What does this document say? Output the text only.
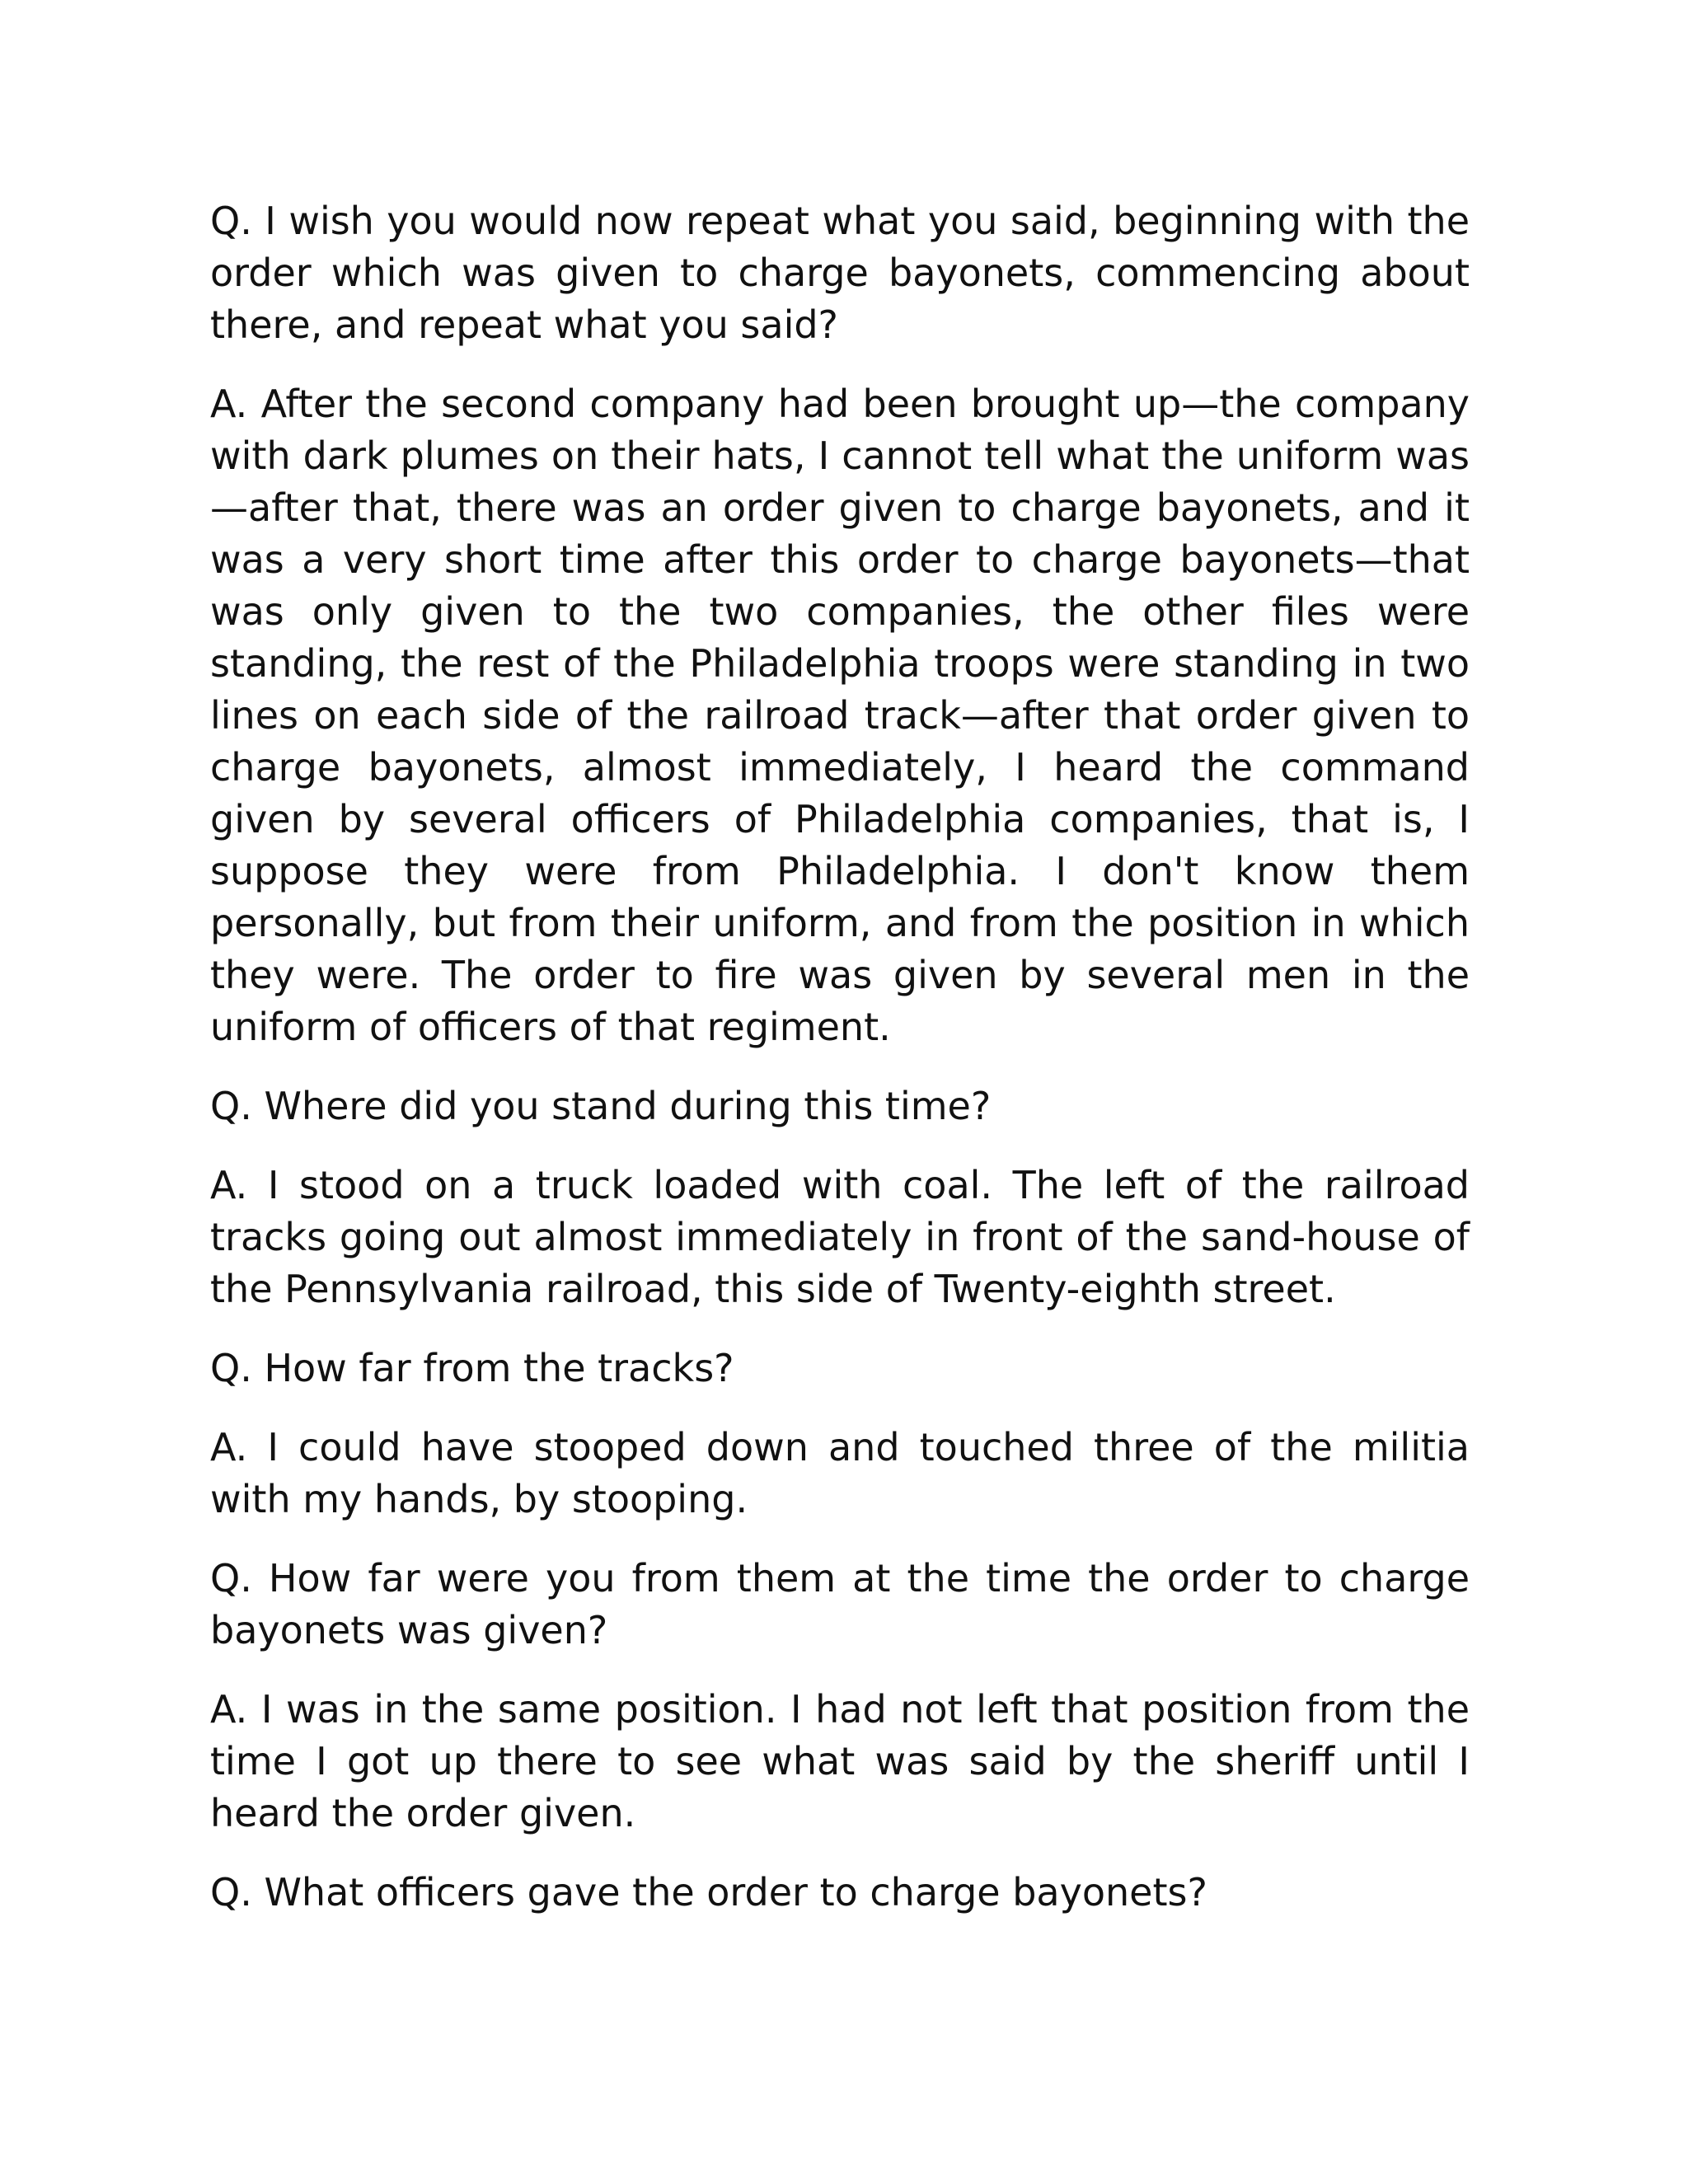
Q. I wish you would now repeat what you said, beginning with the order which was given to charge bayonets, commencing about there, and repeat what you said?

A. After the second company had been brought up—the company with dark plumes on their hats, I cannot tell what the uniform was—after that, there was an order given to charge bayonets, and it was a very short time after this order to charge bayonets—that was only given to the two companies, the other files were standing, the rest of the Philadelphia troops were standing in two lines on each side of the railroad track—after that order given to charge bayonets, almost immediately, I heard the command given by several officers of Philadelphia companies, that is, I suppose they were from Philadelphia. I don't know them personally, but from their uniform, and from the position in which they were. The order to fire was given by several men in the uniform of officers of that regiment.

Q. Where did you stand during this time?

A. I stood on a truck loaded with coal. The left of the railroad tracks going out almost immediately in front of the sand-house of the Pennsylvania railroad, this side of Twenty-eighth street.

Q. How far from the tracks?

A. I could have stooped down and touched three of the militia with my hands, by stooping.

Q. How far were you from them at the time the order to charge bayonets was given?

A. I was in the same position. I had not left that position from the time I got up there to see what was said by the sheriff until I heard the order given.

Q. What officers gave the order to charge bayonets?
